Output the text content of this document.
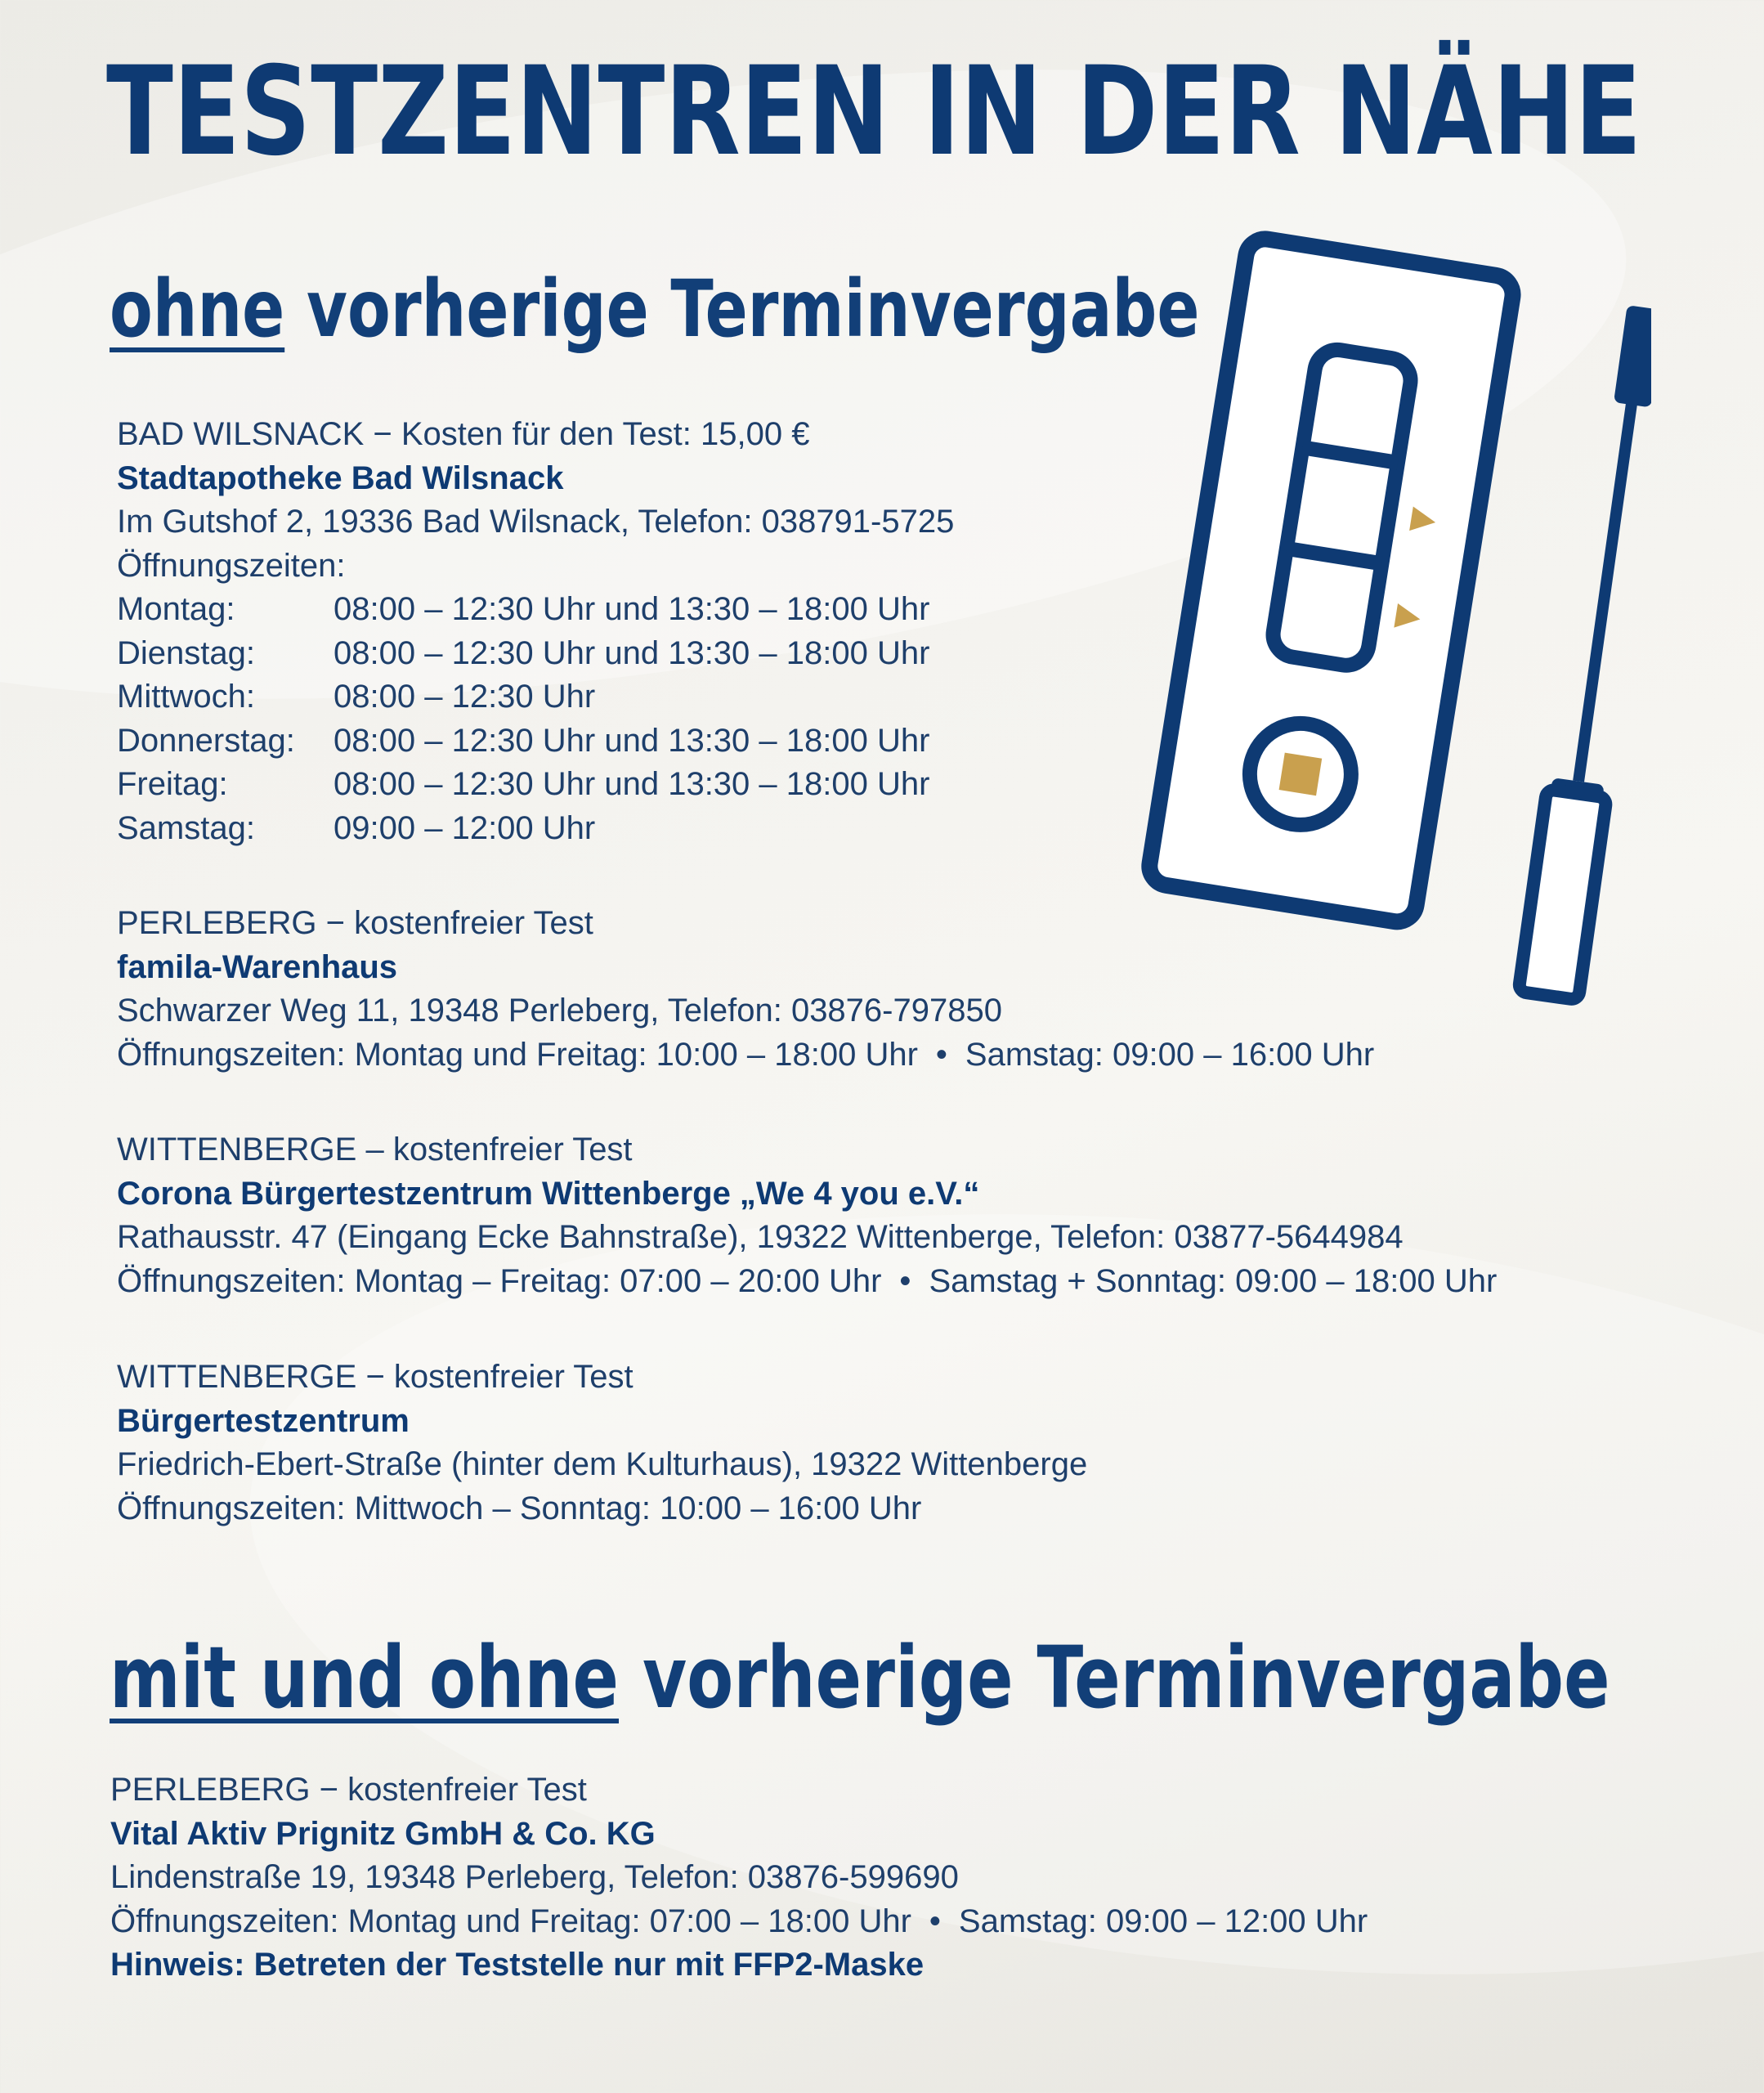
TESTZENTREN IN DER NÄHE
ohne vorherige Terminvergabe
BAD WILSNACK − Kosten für den Test: 15,00 €
Stadtapotheke Bad Wilsnack
Im Gutshof 2, 19336 Bad Wilsnack, Telefon: 038791-5725
Öffnungszeiten:
Montag:	08:00 – 12:30 Uhr und 13:30 – 18:00 Uhr
Dienstag:	08:00 – 12:30 Uhr und 13:30 – 18:00 Uhr
Mittwoch:	08:00 – 12:30 Uhr
Donnerstag:	08:00 – 12:30 Uhr und 13:30 – 18:00 Uhr
Freitag:	08:00 – 12:30 Uhr und 13:30 – 18:00 Uhr
Samstag:	09:00 – 12:00 Uhr
PERLEBERG − kostenfreier Test
famila-Warenhaus
Schwarzer Weg 11, 19348 Perleberg, Telefon: 03876-797850
Öffnungszeiten: Montag und Freitag: 10:00 – 18:00 Uhr • Samstag: 09:00 – 16:00 Uhr
WITTENBERGE – kostenfreier Test
Corona Bürgertestzentrum Wittenberge „We 4 you e.V.“
Rathausstr. 47 (Eingang Ecke Bahnstraße), 19322 Wittenberge, Telefon: 03877-5644984
Öffnungszeiten: Montag – Freitag: 07:00 – 20:00 Uhr • Samstag + Sonntag: 09:00 – 18:00 Uhr
WITTENBERGE − kostenfreier Test
Bürgertestzentrum
Friedrich-Ebert-Straße (hinter dem Kulturhaus), 19322 Wittenberge
Öffnungszeiten: Mittwoch – Sonntag: 10:00 – 16:00 Uhr
mit und ohne vorherige Terminvergabe
PERLEBERG − kostenfreier Test
Vital Aktiv Prignitz GmbH & Co. KG
Lindenstraße 19, 19348 Perleberg, Telefon: 03876-599690
Öffnungszeiten: Montag und Freitag: 07:00 – 18:00 Uhr • Samstag: 09:00 – 12:00 Uhr
Hinweis: Betreten der Teststelle nur mit FFP2-Maske
